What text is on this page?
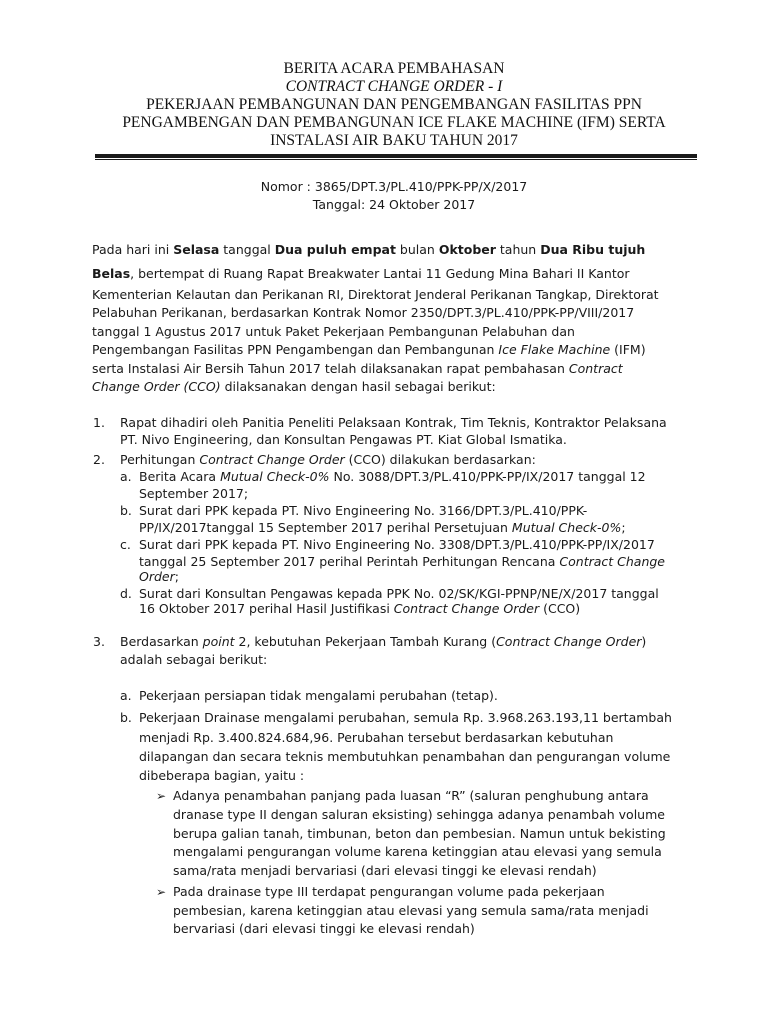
BERITA ACARA PEMBAHASAN
CONTRACT CHANGE ORDER - I
PEKERJAAN PEMBANGUNAN DAN PENGEMBANGAN FASILITAS PPN
PENGAMBENGAN DAN PEMBANGUNAN ICE FLAKE MACHINE (IFM) SERTA
INSTALASI AIR BAKU TAHUN 2017
Nomor : 3865/DPT.3/PL.410/PPK-PP/X/2017
Tanggal: 24 Oktober 2017
Pada hari ini Selasa tanggal Dua puluh empat bulan Oktober tahun Dua Ribu tujuh
Belas, bertempat di Ruang Rapat Breakwater Lantai 11 Gedung Mina Bahari II Kantor
Kementerian Kelautan dan Perikanan RI, Direktorat Jenderal Perikanan Tangkap, Direktorat
Pelabuhan Perikanan, berdasarkan Kontrak Nomor 2350/DPT.3/PL.410/PPK-PP/VIII/2017
tanggal 1 Agustus 2017 untuk Paket Pekerjaan Pembangunan Pelabuhan dan
Pengembangan Fasilitas PPN Pengambengan dan Pembangunan Ice Flake Machine (IFM)
serta Instalasi Air Bersih Tahun 2017 telah dilaksanakan rapat pembahasan Contract
Change Order (CCO) dilaksanakan dengan hasil sebagai berikut:
1. Rapat dihadiri oleh Panitia Peneliti Pelaksaan Kontrak, Tim Teknis, Kontraktor Pelaksana
PT. Nivo Engineering, dan Konsultan Pengawas PT. Kiat Global Ismatika.
2. Perhitungan Contract Change Order (CCO) dilakukan berdasarkan:
a. Berita Acara Mutual Check-0% No. 3088/DPT.3/PL.410/PPK-PP/IX/2017 tanggal 12
September 2017;
b. Surat dari PPK kepada PT. Nivo Engineering No. 3166/DPT.3/PL.410/PPK-
PP/IX/2017tanggal 15 September 2017 perihal Persetujuan Mutual Check-0%;
c. Surat dari PPK kepada PT. Nivo Engineering No. 3308/DPT.3/PL.410/PPK-PP/IX/2017
tanggal 25 September 2017 perihal Perintah Perhitungan Rencana Contract Change
Order;
d. Surat dari Konsultan Pengawas kepada PPK No. 02/SK/KGI-PPNP/NE/X/2017 tanggal
16 Oktober 2017 perihal Hasil Justifikasi Contract Change Order (CCO)
3. Berdasarkan point 2, kebutuhan Pekerjaan Tambah Kurang (Contract Change Order)
adalah sebagai berikut:
a. Pekerjaan persiapan tidak mengalami perubahan (tetap).
b. Pekerjaan Drainase mengalami perubahan, semula Rp. 3.968.263.193,11 bertambah
menjadi Rp. 3.400.824.684,96. Perubahan tersebut berdasarkan kebutuhan
dilapangan dan secara teknis membutuhkan penambahan dan pengurangan volume
dibeberapa bagian, yaitu :
➢ Adanya penambahan panjang pada luasan “R” (saluran penghubung antara
dranase type II dengan saluran eksisting) sehingga adanya penambah volume
berupa galian tanah, timbunan, beton dan pembesian. Namun untuk bekisting
mengalami pengurangan volume karena ketinggian atau elevasi yang semula
sama/rata menjadi bervariasi (dari elevasi tinggi ke elevasi rendah)
➢ Pada drainase type III terdapat pengurangan volume pada pekerjaan
pembesian, karena ketinggian atau elevasi yang semula sama/rata menjadi
bervariasi (dari elevasi tinggi ke elevasi rendah)
